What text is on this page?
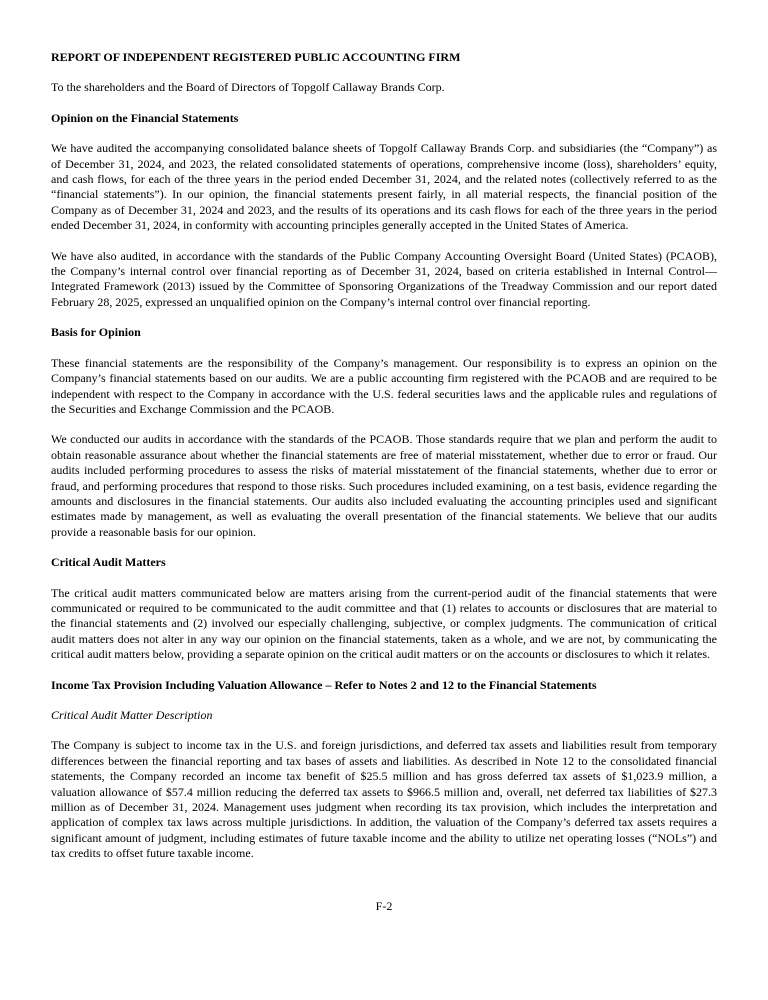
REPORT OF INDEPENDENT REGISTERED PUBLIC ACCOUNTING FIRM

To the shareholders and the Board of Directors of Topgolf Callaway Brands Corp.

Opinion on the Financial Statements

We have audited the accompanying consolidated balance sheets of Topgolf Callaway Brands Corp. and subsidiaries (the “Company”) as of December 31, 2024, and 2023, the related consolidated statements of operations, comprehensive income (loss), shareholders’ equity, and cash flows, for each of the three years in the period ended December 31, 2024, and the related notes (collectively referred to as the “financial statements”). In our opinion, the financial statements present fairly, in all material respects, the financial position of the Company as of December 31, 2024 and 2023, and the results of its operations and its cash flows for each of the three years in the period ended December 31, 2024, in conformity with accounting principles generally accepted in the United States of America.

We have also audited, in accordance with the standards of the Public Company Accounting Oversight Board (United States) (PCAOB), the Company’s internal control over financial reporting as of December 31, 2024, based on criteria established in Internal Control—Integrated Framework (2013) issued by the Committee of Sponsoring Organizations of the Treadway Commission and our report dated February 28, 2025, expressed an unqualified opinion on the Company’s internal control over financial reporting.

Basis for Opinion

These financial statements are the responsibility of the Company’s management. Our responsibility is to express an opinion on the Company’s financial statements based on our audits. We are a public accounting firm registered with the PCAOB and are required to be independent with respect to the Company in accordance with the U.S. federal securities laws and the applicable rules and regulations of the Securities and Exchange Commission and the PCAOB.

We conducted our audits in accordance with the standards of the PCAOB. Those standards require that we plan and perform the audit to obtain reasonable assurance about whether the financial statements are free of material misstatement, whether due to error or fraud. Our audits included performing procedures to assess the risks of material misstatement of the financial statements, whether due to error or fraud, and performing procedures that respond to those risks. Such procedures included examining, on a test basis, evidence regarding the amounts and disclosures in the financial statements. Our audits also included evaluating the accounting principles used and significant estimates made by management, as well as evaluating the overall presentation of the financial statements. We believe that our audits provide a reasonable basis for our opinion.

Critical Audit Matters

The critical audit matters communicated below are matters arising from the current-period audit of the financial statements that were communicated or required to be communicated to the audit committee and that (1) relates to accounts or disclosures that are material to the financial statements and (2) involved our especially challenging, subjective, or complex judgments. The communication of critical audit matters does not alter in any way our opinion on the financial statements, taken as a whole, and we are not, by communicating the critical audit matters below, providing a separate opinion on the critical audit matters or on the accounts or disclosures to which it relates.

Income Tax Provision Including Valuation Allowance – Refer to Notes 2 and 12 to the Financial Statements
Critical Audit Matter Description

The Company is subject to income tax in the U.S. and foreign jurisdictions, and deferred tax assets and liabilities result from temporary differences between the financial reporting and tax bases of assets and liabilities. As described in Note 12 to the consolidated financial statements, the Company recorded an income tax benefit of $25.5 million and has gross deferred tax assets of $1,023.9 million, a valuation allowance of $57.4 million reducing the deferred tax assets to $966.5 million and, overall, net deferred tax liabilities of $27.3 million as of December 31, 2024. Management uses judgment when recording its tax provision, which includes the interpretation and application of complex tax laws across multiple jurisdictions. In addition, the valuation of the Company’s deferred tax assets requires a significant amount of judgment, including estimates of future taxable income and the ability to utilize net operating losses (“NOLs”) and tax credits to offset future taxable income.

F-2
